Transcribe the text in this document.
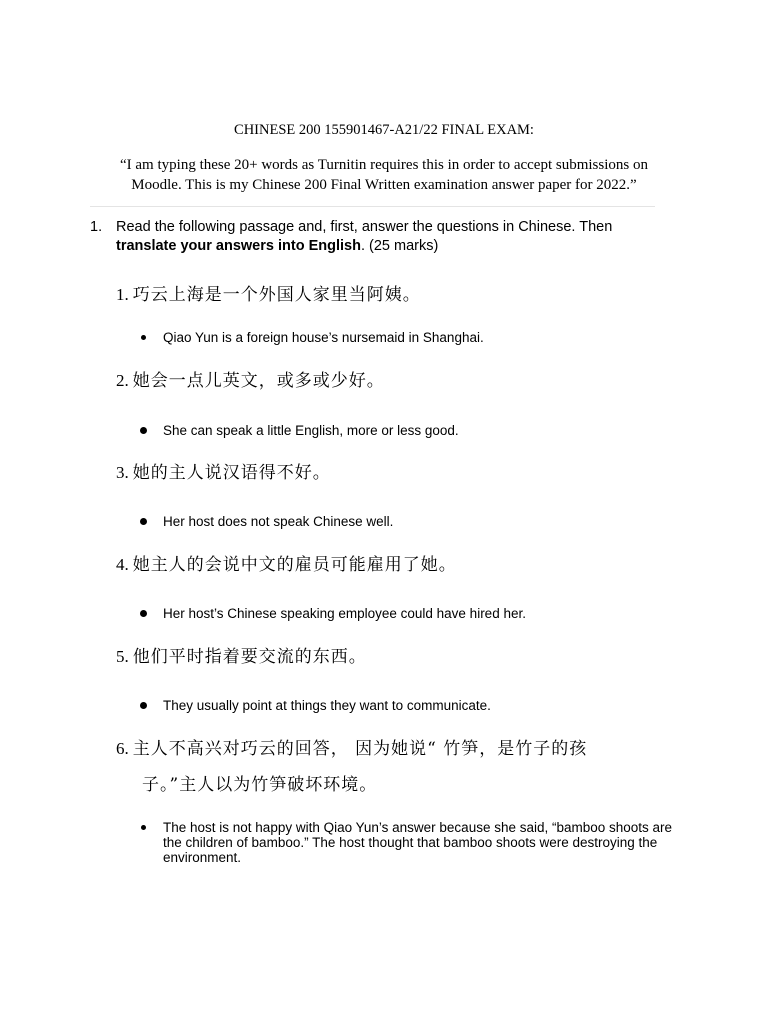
CHINESE 200 155901467-A21/22 FINAL EXAM:
“I am typing these 20+ words as Turnitin requires this in order to accept submissions on Moodle. This is my Chinese 200 Final Written examination answer paper for 2022.”
1. Read the following passage and, first, answer the questions in Chinese. Then
translate your answers into English. (25 marks)
1. 巧云上海是一个外国人家里当阿姨。
Qiao Yun is a foreign house’s nursemaid in Shanghai.
2. 她会一点儿英文，或多或少好。
She can speak a little English, more or less good.
3. 她的主人说汉语得不好。
Her host does not speak Chinese well.
4. 她主人的会说中文的雇员可能雇用了她。
Her host’s Chinese speaking employee could have hired her.
5. 他们平时指着要交流的东西。
They usually point at things they want to communicate.
6. 主人不高兴对巧云的回答， 因为她说“ 竹笋，是竹子的孩
子。”主人以为竹笋破坏环境。
The host is not happy with Qiao Yun’s answer because she said, “bamboo shoots are the children of bamboo.” The host thought that bamboo shoots were destroying the environment.
